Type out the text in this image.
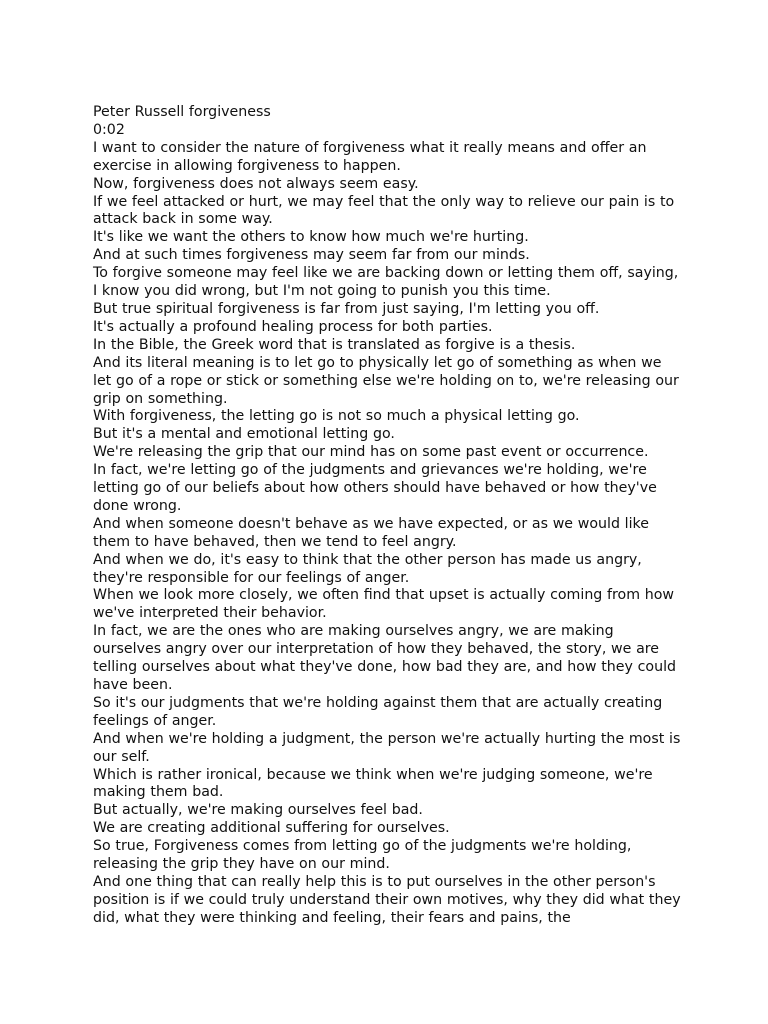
Peter Russell forgiveness

0:02

I want to consider the nature of forgiveness what it really means and offer an exercise in allowing forgiveness to happen.

Now, forgiveness does not always seem easy.

If we feel attacked or hurt, we may feel that the only way to relieve our pain is to attack back in some way.

It's like we want the others to know how much we're hurting.

And at such times forgiveness may seem far from our minds.

To forgive someone may feel like we are backing down or letting them off, saying, I know you did wrong, but I'm not going to punish you this time.

But true spiritual forgiveness is far from just saying, I'm letting you off.

It's actually a profound healing process for both parties.

In the Bible, the Greek word that is translated as forgive is a thesis.

And its literal meaning is to let go to physically let go of something as when we let go of a rope or stick or something else we're holding on to, we're releasing our grip on something.

With forgiveness, the letting go is not so much a physical letting go.

But it's a mental and emotional letting go.

We're releasing the grip that our mind has on some past event or occurrence.

In fact, we're letting go of the judgments and grievances we're holding, we're letting go of our beliefs about how others should have behaved or how they've done wrong.

And when someone doesn't behave as we have expected, or as we would like them to have behaved, then we tend to feel angry.

And when we do, it's easy to think that the other person has made us angry, they're responsible for our feelings of anger.

When we look more closely, we often find that upset is actually coming from how we've interpreted their behavior.

In fact, we are the ones who are making ourselves angry, we are making ourselves angry over our interpretation of how they behaved, the story, we are telling ourselves about what they've done, how bad they are, and how they could have been.

So it's our judgments that we're holding against them that are actually creating feelings of anger.

And when we're holding a judgment, the person we're actually hurting the most is our self.

Which is rather ironical, because we think when we're judging someone, we're making them bad.

But actually, we're making ourselves feel bad.

We are creating additional suffering for ourselves.

So true, Forgiveness comes from letting go of the judgments we're holding, releasing the grip they have on our mind.

And one thing that can really help this is to put ourselves in the other person's position is if we could truly understand their own motives, why they did what they did, what they were thinking and feeling, their fears and pains, the
